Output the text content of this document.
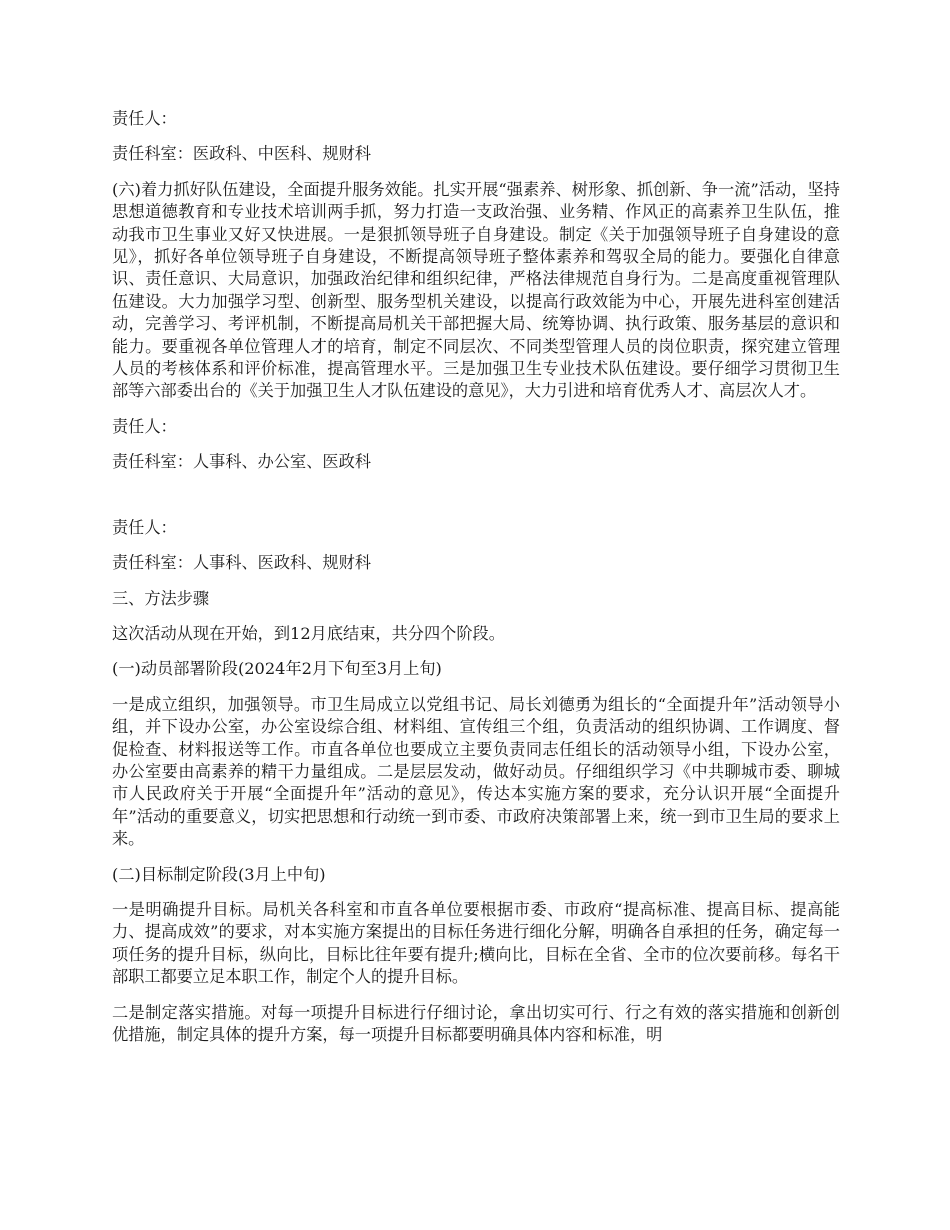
责任人：

责任科室：医政科、中医科、规财科

(六)着力抓好队伍建设，全面提升服务效能。扎实开展“强素养、树形象、抓创新、争一流”活动，坚持思想道德教育和专业技术培训两手抓，努力打造一支政治强、业务精、作风正的高素养卫生队伍，推动我市卫生事业又好又快进展。一是狠抓领导班子自身建设。制定《关于加强领导班子自身建设的意见》，抓好各单位领导班子自身建设，不断提高领导班子整体素养和驾驭全局的能力。要强化自律意识、责任意识、大局意识，加强政治纪律和组织纪律，严格法律规范自身行为。二是高度重视管理队伍建设。大力加强学习型、创新型、服务型机关建设，以提高行政效能为中心，开展先进科室创建活动，完善学习、考评机制，不断提高局机关干部把握大局、统筹协调、执行政策、服务基层的意识和能力。要重视各单位管理人才的培育，制定不同层次、不同类型管理人员的岗位职责，探究建立管理人员的考核体系和评价标准，提高管理水平。三是加强卫生专业技术队伍建设。要仔细学习贯彻卫生部等六部委出台的《关于加强卫生人才队伍建设的意见》，大力引进和培育优秀人才、高层次人才。

责任人：

责任科室：人事科、办公室、医政科

责任人：

责任科室：人事科、医政科、规财科

三、方法步骤

这次活动从现在开始，到12月底结束，共分四个阶段。

(一)动员部署阶段(2024年2月下旬至3月上旬)

一是成立组织，加强领导。市卫生局成立以党组书记、局长刘德勇为组长的“全面提升年”活动领导小组，并下设办公室，办公室设综合组、材料组、宣传组三个组，负责活动的组织协调、工作调度、督促检查、材料报送等工作。市直各单位也要成立主要负责同志任组长的活动领导小组，下设办公室，办公室要由高素养的精干力量组成。二是层层发动，做好动员。仔细组织学习《中共聊城市委、聊城市人民政府关于开展“全面提升年”活动的意见》，传达本实施方案的要求，充分认识开展“全面提升年”活动的重要意义，切实把思想和行动统一到市委、市政府决策部署上来，统一到市卫生局的要求上来。

(二)目标制定阶段(3月上中旬)

一是明确提升目标。局机关各科室和市直各单位要根据市委、市政府“提高标准、提高目标、提高能力、提高成效”的要求，对本实施方案提出的目标任务进行细化分解，明确各自承担的任务，确定每一项任务的提升目标，纵向比，目标比往年要有提升;横向比，目标在全省、全市的位次要前移。每名干部职工都要立足本职工作，制定个人的提升目标。

二是制定落实措施。对每一项提升目标进行仔细讨论，拿出切实可行、行之有效的落实措施和创新创优措施，制定具体的提升方案，每一项提升目标都要明确具体内容和标准，明
